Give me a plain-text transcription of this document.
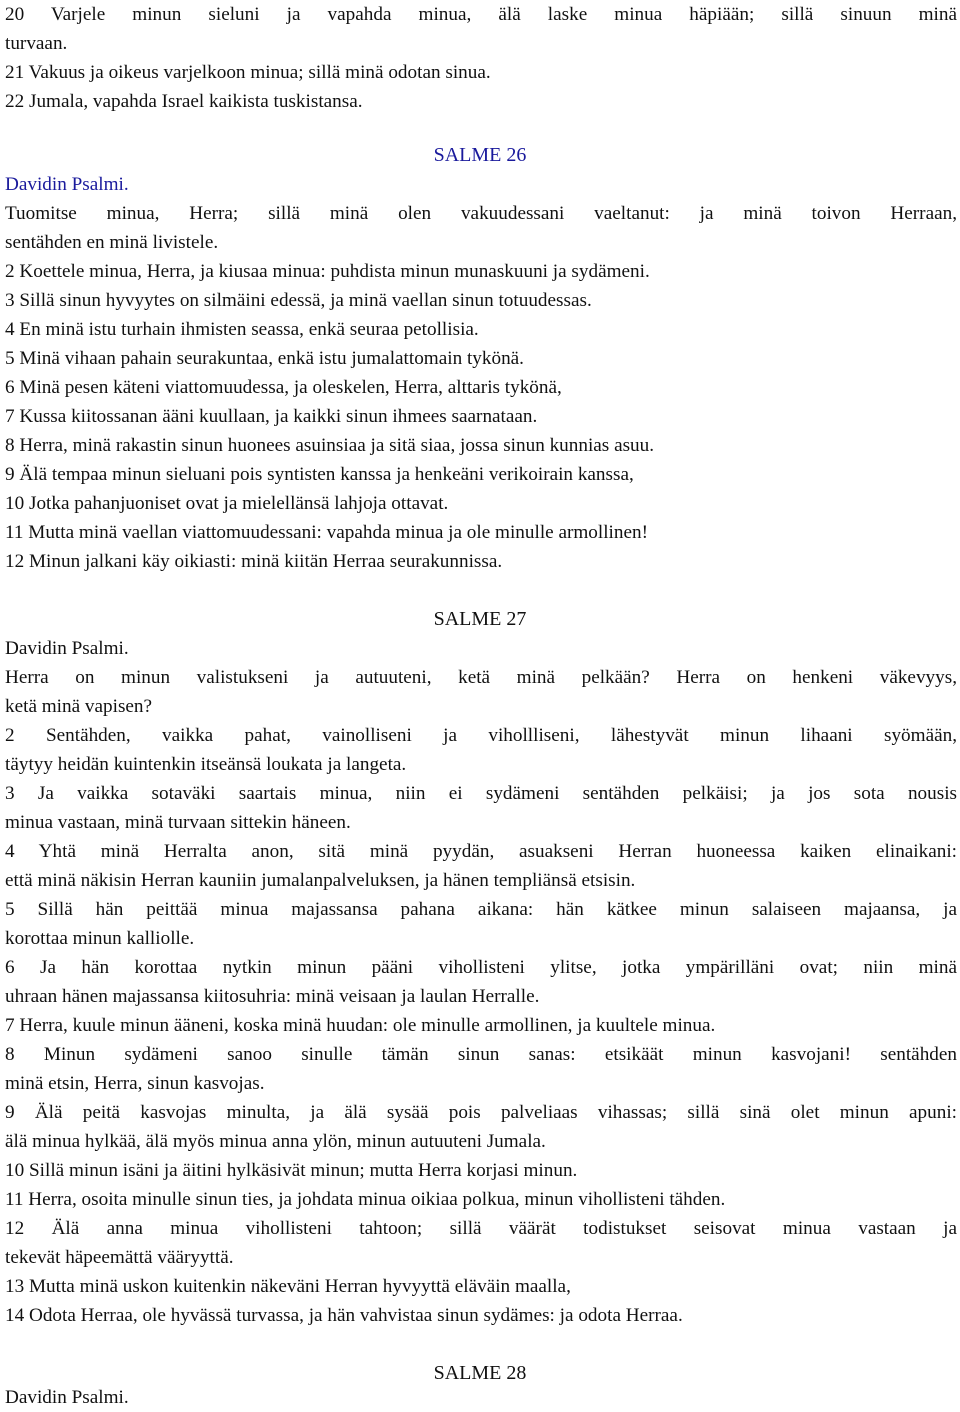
20 Varjele minun sieluni ja vapahda minua, älä laske minua häpiään; sillä sinuun minä
turvaan.
21 Vakuus ja oikeus varjelkoon minua; sillä minä odotan sinua.
22 Jumala, vapahda Israel kaikista tuskistansa.
SALME 26
Davidin Psalmi.
Tuomitse minua, Herra; sillä minä olen vakuudessani vaeltanut: ja minä toivon Herraan,
sentähden en minä livistele.
2 Koettele minua, Herra, ja kiusaa minua: puhdista minun munaskuuni ja sydämeni.
3 Sillä sinun hyvyytes on silmäini edessä, ja minä vaellan sinun totuudessas.
4 En minä istu turhain ihmisten seassa, enkä seuraa petollisia.
5 Minä vihaan pahain seurakuntaa, enkä istu jumalattomain tykönä.
6 Minä pesen käteni viattomuudessa, ja oleskelen, Herra, alttaris tykönä,
7 Kussa kiitossanan ääni kuullaan, ja kaikki sinun ihmees saarnataan.
8 Herra, minä rakastin sinun huonees asuinsiaa ja sitä siaa, jossa sinun kunnias asuu.
9 Älä tempaa minun sieluani pois syntisten kanssa ja henkeäni verikoirain kanssa,
10 Jotka pahanjuoniset ovat ja mielellänsä lahjoja ottavat.
11 Mutta minä vaellan viattomuudessani: vapahda minua ja ole minulle armollinen!
12 Minun jalkani käy oikiasti: minä kiitän Herraa seurakunnissa.
SALME 27
Davidin Psalmi.
Herra on minun valistukseni ja autuuteni, ketä minä pelkään? Herra on henkeni väkevyys,
ketä minä vapisen?
2 Sentähden, vaikka pahat, vainolliseni ja vihollliseni, lähestyvät minun lihaani syömään,
täytyy heidän kuintenkin itseänsä loukata ja langeta.
3 Ja vaikka sotaväki saartais minua, niin ei sydämeni sentähden pelkäisi; ja jos sota nousis
minua vastaan, minä turvaan sittekin häneen.
4 Yhtä minä Herralta anon, sitä minä pyydän, asuakseni Herran huoneessa kaiken elinaikani:
että minä näkisin Herran kauniin jumalanpalveluksen, ja hänen templiänsä etsisin.
5 Sillä hän peittää minua majassansa pahana aikana: hän kätkee minun salaiseen majaansa, ja
korottaa minun kalliolle.
6 Ja hän korottaa nytkin minun pääni vihollisteni ylitse, jotka ympärilläni ovat; niin minä
uhraan hänen majassansa kiitosuhria: minä veisaan ja laulan Herralle.
7 Herra, kuule minun ääneni, koska minä huudan: ole minulle armollinen, ja kuultele minua.
8 Minun sydämeni sanoo sinulle tämän sinun sanas: etsikäät minun kasvojani! sentähden
minä etsin, Herra, sinun kasvojas.
9 Älä peitä kasvojas minulta, ja älä sysää pois palveliaas vihassas; sillä sinä olet minun apuni:
älä minua hylkää, älä myös minua anna ylön, minun autuuteni Jumala.
10 Sillä minun isäni ja äitini hylkäsivät minun; mutta Herra korjasi minun.
11 Herra, osoita minulle sinun ties, ja johdata minua oikiaa polkua, minun vihollisteni tähden.
12 Älä anna minua vihollisteni tahtoon; sillä väärät todistukset seisovat minua vastaan ja
tekevät häpeemättä vääryyttä.
13 Mutta minä uskon kuitenkin näkeväni Herran hyvyyttä eläväin maalla,
14 Odota Herraa, ole hyvässä turvassa, ja hän vahvistaa sinun sydämes: ja odota Herraa.
SALME 28
Davidin Psalmi.
